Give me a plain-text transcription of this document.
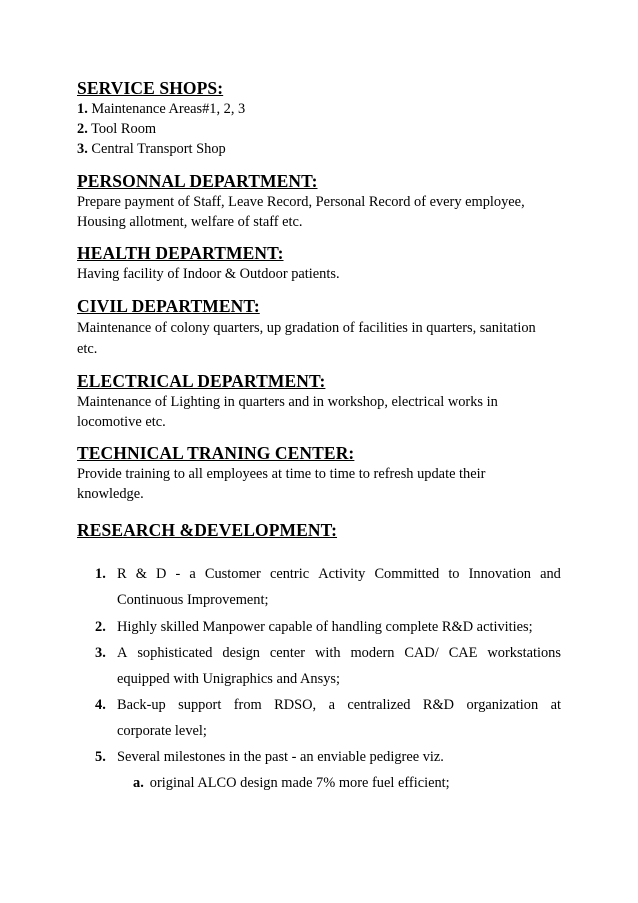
SERVICE SHOPS:
1. Maintenance Areas#1, 2, 3
2. Tool Room
3. Central Transport Shop
PERSONNAL DEPARTMENT:
Prepare payment of Staff, Leave Record, Personal Record of every employee,
Housing allotment, welfare of staff etc.
HEALTH DEPARTMENT:
Having facility of Indoor & Outdoor patients.
CIVIL DEPARTMENT:
Maintenance of colony quarters, up gradation of facilities in quarters, sanitation
etc.
ELECTRICAL DEPARTMENT:
Maintenance of Lighting in quarters and in workshop, electrical works in
locomotive etc.
TECHNICAL TRANING CENTER:
Provide training to all employees at time to time to refresh update their
knowledge.
RESEARCH &DEVELOPMENT:
1. R & D - a Customer centric Activity Committed to Innovation and
Continuous Improvement;
2. Highly skilled Manpower capable of handling complete R&D activities;
3. A sophisticated design center with modern CAD/ CAE workstations
equipped with Unigraphics and Ansys;
4. Back-up support from RDSO, a centralized R&D organization at
corporate level;
5. Several milestones in the past - an enviable pedigree viz.
a. original ALCO design made 7% more fuel efficient;
